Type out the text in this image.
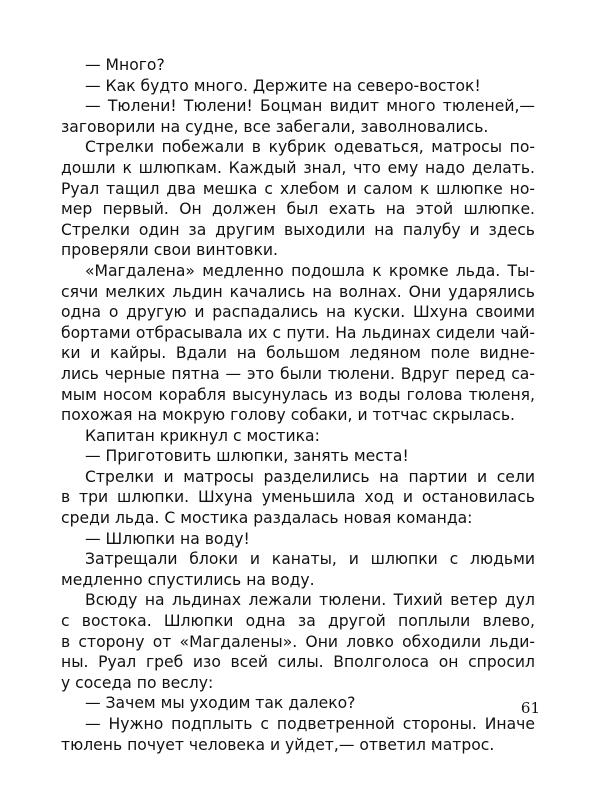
— Много?
— Как будто много. Держите на северо-восток!
— Тюлени! Тюлени! Боцман видит много тюленей,—
заговорили на судне, все забегали, заволновались.
Стрелки побежали в кубрик одеваться, матросы по-
дошли к шлюпкам. Каждый знал, что ему надо делать.
Руал тащил два мешка с хлебом и салом к шлюпке но-
мер первый. Он должен был ехать на этой шлюпке.
Стрелки один за другим выходили на палубу и здесь
проверяли свои винтовки.
«Магдалена» медленно подошла к кромке льда. Ты-
сячи мелких льдин качались на волнах. Они ударялись
одна о другую и распадались на куски. Шхуна своими
бортами отбрасывала их с пути. На льдинах сидели чай-
ки и кайры. Вдали на большом ледяном поле видне-
лись черные пятна — это были тюлени. Вдруг перед са-
мым носом корабля высунулась из воды голова тюленя,
похожая на мокрую голову собаки, и тотчас скрылась.
Капитан крикнул с мостика:
— Приготовить шлюпки, занять места!
Стрелки и матросы разделились на партии и сели
в три шлюпки. Шхуна уменьшила ход и остановилась
среди льда. С мостика раздалась новая команда:
— Шлюпки на воду!
Затрещали блоки и канаты, и шлюпки с людьми
медленно спустились на воду.
Всюду на льдинах лежали тюлени. Тихий ветер дул
с востока. Шлюпки одна за другой поплыли влево,
в сторону от «Магдалены». Они ловко обходили льди-
ны. Руал греб изо всей силы. Вполголоса он спросил
у соседа по веслу:
— Зачем мы уходим так далеко?
— Нужно подплыть с подветренной стороны. Иначе
тюлень почует человека и уйдет,— ответил матрос.
61
